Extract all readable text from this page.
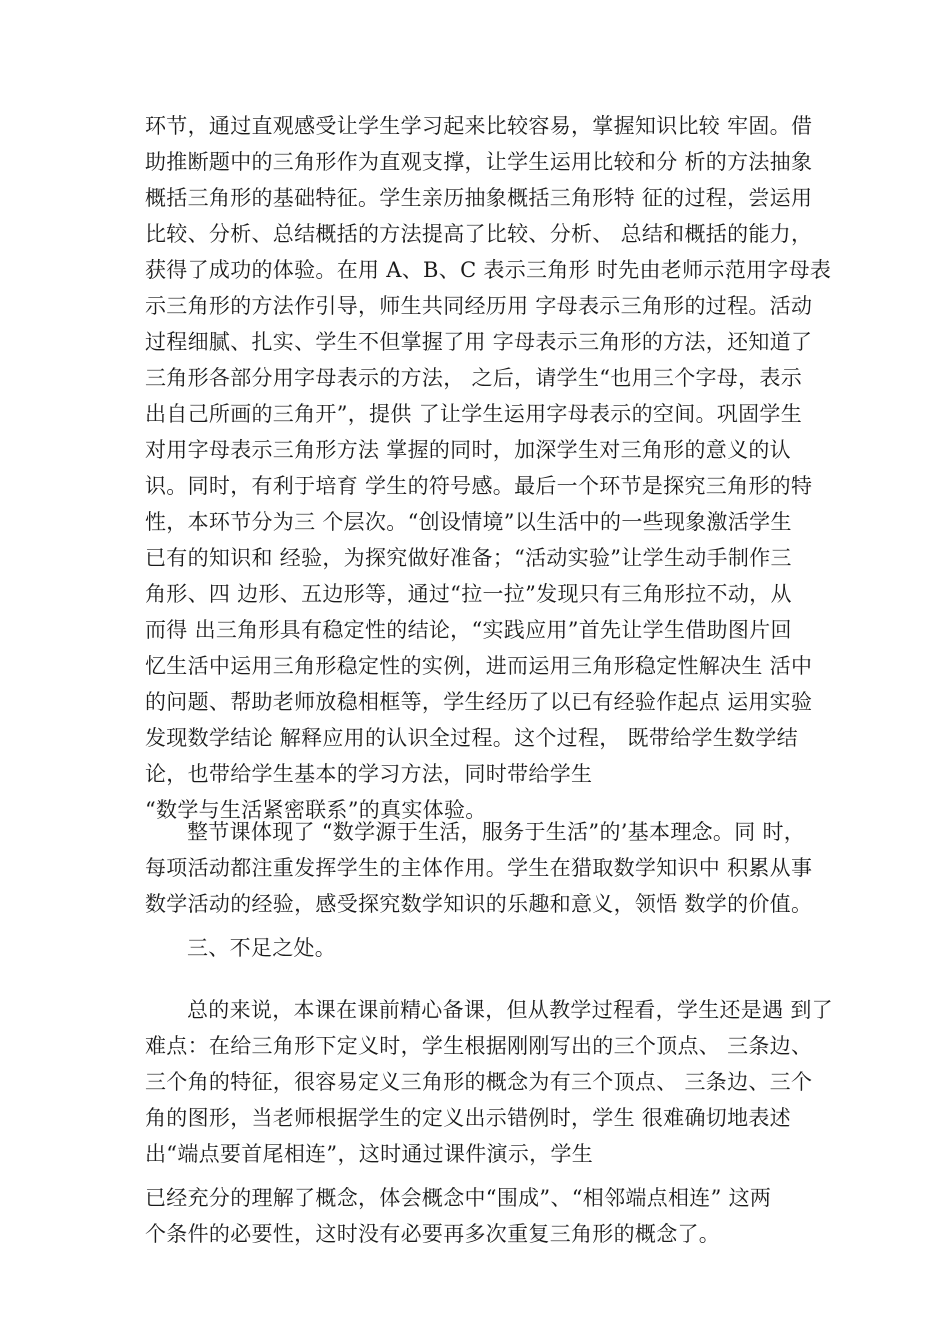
环节，通过直观感受让学生学习起来比较容易，掌握知识比较 牢固。借
助推断题中的三角形作为直观支撑，让学生运用比较和分 析的方法抽象
概括三角形的基础特征。学生亲历抽象概括三角形特 征的过程，尝运用
比较、分析、总结概括的方法提高了比较、分析、 总结和概括的能力，
获得了成功的体验。在用 A、B、C 表示三角形 时先由老师示范用字母表
示三角形的方法作引导，师生共同经历用 字母表示三角形的过程。活动
过程细腻、扎实、学生不但掌握了用 字母表示三角形的方法，还知道了
三角形各部分用字母表示的方法， 之后，请学生“也用三个字母，表示
出自己所画的三角开”，提供 了让学生运用字母表示的空间。巩固学生
对用字母表示三角形方法 掌握的同时，加深学生对三角形的意义的认
识。同时，有利于培育 学生的符号感。最后一个环节是探究三角形的特
性，本环节分为三 个层次。“创设情境”以生活中的一些现象激活学生
已有的知识和 经验，为探究做好准备；“活动实验”让学生动手制作三
角形、四 边形、五边形等，通过“拉一拉”发现只有三角形拉不动，从
而得 出三角形具有稳定性的结论，“实践应用”首先让学生借助图片回
忆生活中运用三角形稳定性的实例，进而运用三角形稳定性解决生 活中
的问题、帮助老师放稳相框等，学生经历了以已有经验作起点 运用实验
发现数学结论 解释应用的认识全过程。这个过程， 既带给学生数学结
论，也带给学生基本的学习方法，同时带给学生
“数学与生活紧密联系”的真实体验。
整节课体现了 “数学源于生活，服务于生活”的’基本理念。同 时，
每项活动都注重发挥学生的主体作用。学生在猎取数学知识中 积累从事
数学活动的经验，感受探究数学知识的乐趣和意义，领悟 数学的价值。
三、不足之处。
总的来说，本课在课前精心备课，但从教学过程看，学生还是遇 到了
难点：在给三角形下定义时，学生根据刚刚写出的三个顶点、 三条边、
三个角的特征，很容易定义三角形的概念为有三个顶点、 三条边、三个
角的图形，当老师根据学生的定义出示错例时，学生 很难确切地表述
出“端点要首尾相连”，这时通过课件演示，学生
已经充分的理解了概念，体会概念中“围成”、“相邻端点相连” 这两
个条件的必要性，这时没有必要再多次重复三角形的概念了。
